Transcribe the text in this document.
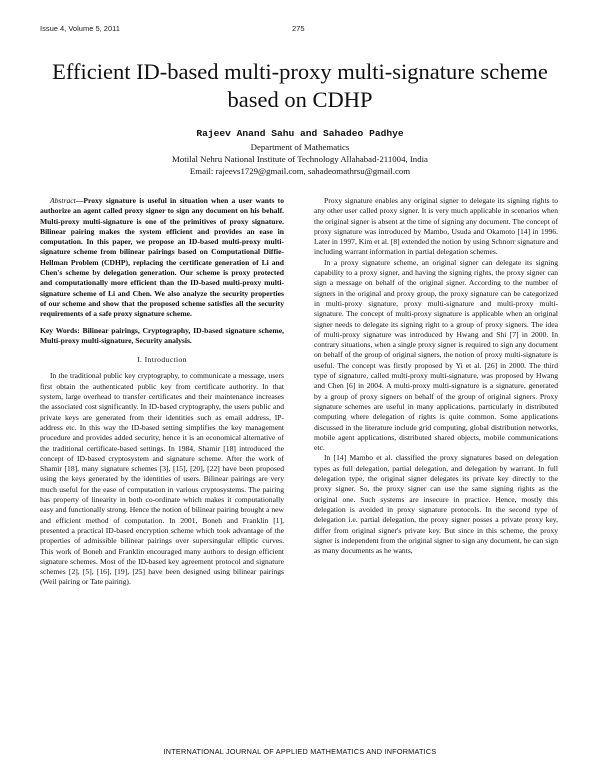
Issue 4, Volume 5, 2011	275
Efficient ID-based multi-proxy multi-signature scheme based on CDHP
Rajeev Anand Sahu and Sahadeo Padhye
Department of Mathematics
Motilal Nehru National Institute of Technology Allahabad-211004, India
Email: rajeevs1729@gmail.com, sahadeomathrsu@gmail.com

Abstract—Proxy signature is useful in situation when a user wants to authorize an agent called proxy signer to sign any document on his behalf. Multi-proxy multi-signature is one of the primitives of proxy signature. Bilinear pairing makes the system efficient and provides an ease in computation. In this paper, we propose an ID-based multi-proxy multi-signature scheme from bilinear pairings based on Computational Diffie-Hellman Problem (CDHP), replacing the certificate generation of Li and Chen's scheme by delegation generation. Our scheme is proxy protected and computationally more efficient than the ID-based multi-proxy multi-signature scheme of Li and Chen. We also analyze the security properties of our scheme and show that the proposed scheme satisfies all the security requirements of a safe proxy signature scheme.

Key Words: Bilinear pairings, Cryptography, ID-based signature scheme, Multi-proxy multi-signature, Security analysis.

I. Introduction

In the traditional public key cryptography, to communicate a message, users first obtain the authenticated public key from certificate authority. In that system, large overhead to transfer certificates and their maintenance increases the associated cost significantly. In ID-based cryptography, the users public and private keys are generated from their identities such as email address, IP-address etc. In this way the ID-based setting simplifies the key management procedure and provides added security, hence it is an economical alternative of the traditional certificate-based settings. In 1984, Shamir [18] introduced the concept of ID-based cryptosystem and signature scheme. After the work of Shamir [18], many signature schemes [3], [15], [20], [22] have been proposed using the keys generated by the identities of users. Bilinear pairings are very much useful for the ease of computation in various cryptosystems. The pairing has property of linearity in both co-ordinate which makes it computationally easy and functionally strong. Hence the notion of bilinear pairing brought a new and efficient method of computation. In 2001, Boneh and Franklin [1], presented a practical ID-based encryption scheme which took advantage of the properties of admissible bilinear pairings over supersingular elliptic curves. This work of Boneh and Franklin encouraged many authors to design efficient signature schemes. Most of the ID-based key agreement protocol and signature schemes [2], [5], [16], [19], [25] have been designed using bilinear pairings (Weil pairing or Tate pairing).

Proxy signature enables any original signer to delegate its signing rights to any other user called proxy signer. It is very much applicable in scenarios when the original signer is absent at the time of signing any document. The concept of proxy signature was introduced by Mambo, Usuda and Okamoto [14] in 1996. Later in 1997, Kim et al. [8] extended the notion by using Schnorr signature and including warrant information in partial delegation schemes.

In a proxy signature scheme, an original signer can delegate its signing capability to a proxy signer, and having the signing rights, the proxy signer can sign a message on behalf of the original signer. According to the number of signers in the original and proxy group, the proxy signature can be categorized in multi-proxy signature, proxy multi-signature and multi-proxy multi-signature. The concept of multi-proxy signature is applicable when an original signer needs to delegate its signing right to a group of proxy signers. The idea of multi-proxy signature was introduced by Hwang and Shi [7] in 2000. In contrary situations, when a single proxy signer is required to sign any document on behalf of the group of original signers, the notion of proxy multi-signature is useful. The concept was firstly proposed by Yi et al. [26] in 2000. The third type of signature, called multi-proxy multi-signature, was proposed by Hwang and Chen [6] in 2004. A multi-proxy multi-signature is a signature, generated by a group of proxy signers on behalf of the group of original signers. Proxy signature schemes are useful in many applications, particularly in distributed computing where delegation of rights is quite common. Some applications discussed in the literature include grid computing, global distribution networks, mobile agent applications, distributed shared objects, mobile communications etc.

In [14] Mambo et al. classified the proxy signatures based on delegation types as full delegation, partial delegation, and delegation by warrant. In full delegation type, the original signer delegates its private key directly to the proxy signer. So, the proxy signer can use the same signing rights as the original one. Such systems are insecure in practice. Hence, mostly this delegation is avoided in proxy signature protocols. In the second type of delegation i.e. partial delegation, the proxy signer posses a private proxy key, differ from original signer's private key. But since in this scheme, the proxy signer is independent from the original signer to sign any document, he can sign as many documents as he wants,

INTERNATIONAL JOURNAL OF APPLIED MATHEMATICS AND INFORMATICS
